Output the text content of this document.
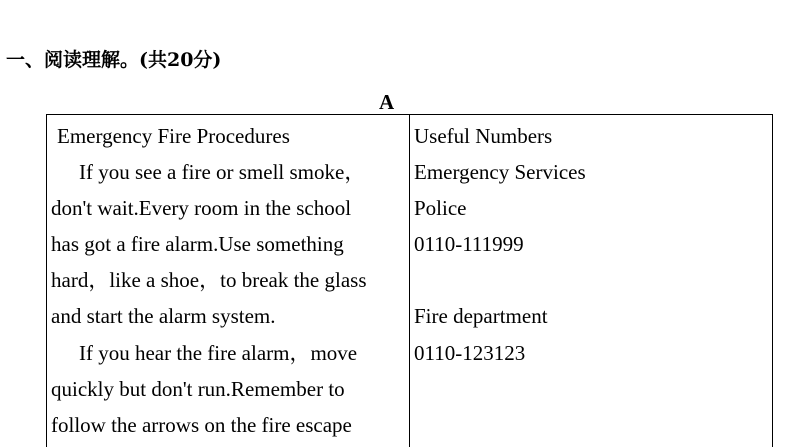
一、阅读理解。(共20分)
A
Emergency Fire Procedures
If you see a fire or smell smoke，
don't wait.Every room in the school
has got a fire alarm.Use something
hard，like a shoe，to break the glass
and start the alarm system.
If you hear the fire alarm，move
quickly but don't run.Remember to
follow the arrows on the fire escape
Useful Numbers
Emergency Services
Police
0110-111999
Fire department
0110-123123
